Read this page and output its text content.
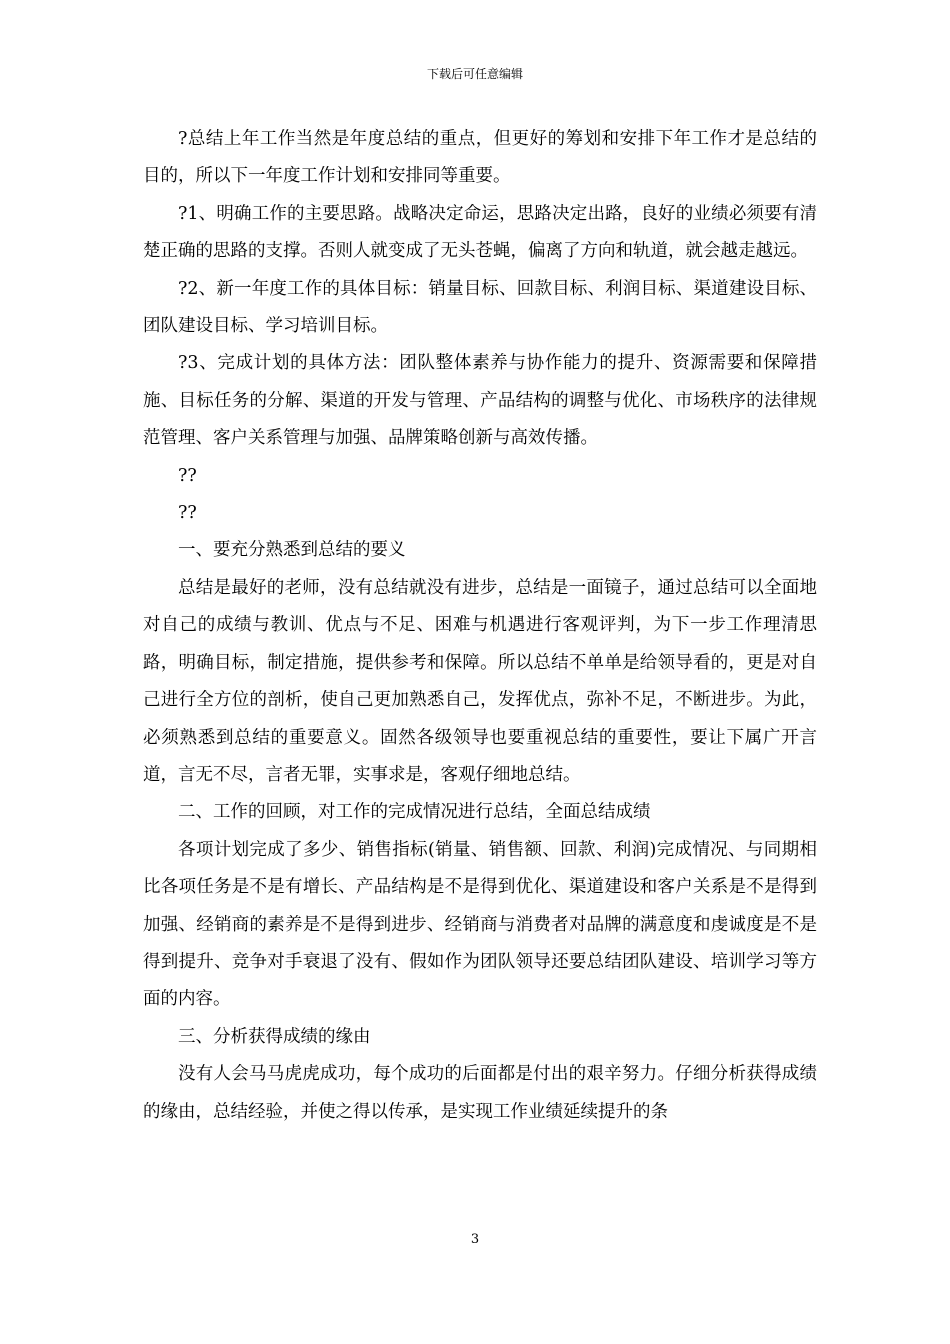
下载后可任意编辑

?总结上年工作当然是年度总结的重点，但更好的筹划和安排下年工作才是总结的目的，所以下一年度工作计划和安排同等重要。

?1、明确工作的主要思路。战略决定命运，思路决定出路，良好的业绩必须要有清楚正确的思路的支撑。否则人就变成了无头苍蝇，偏离了方向和轨道，就会越走越远。

?2、新一年度工作的具体目标：销量目标、回款目标、利润目标、渠道建设目标、团队建设目标、学习培训目标。

?3、完成计划的具体方法：团队整体素养与协作能力的提升、资源需要和保障措施、目标任务的分解、渠道的开发与管理、产品结构的调整与优化、市场秩序的法律规范管理、客户关系管理与加强、品牌策略创新与高效传播。

??

??

一、要充分熟悉到总结的要义

总结是最好的老师，没有总结就没有进步，总结是一面镜子，通过总结可以全面地对自己的成绩与教训、优点与不足、困难与机遇进行客观评判，为下一步工作理清思路，明确目标，制定措施，提供参考和保障。所以总结不单单是给领导看的，更是对自己进行全方位的剖析，使自己更加熟悉自己，发挥优点，弥补不足，不断进步。为此，必须熟悉到总结的重要意义。固然各级领导也要重视总结的重要性，要让下属广开言道，言无不尽，言者无罪，实事求是，客观仔细地总结。

二、工作的回顾，对工作的完成情况进行总结，全面总结成绩

各项计划完成了多少、销售指标(销量、销售额、回款、利润)完成情况、与同期相比各项任务是不是有增长、产品结构是不是得到优化、渠道建设和客户关系是不是得到加强、经销商的素养是不是得到进步、经销商与消费者对品牌的满意度和虔诚度是不是得到提升、竞争对手衰退了没有、假如作为团队领导还要总结团队建设、培训学习等方面的内容。

三、分析获得成绩的缘由

没有人会马马虎虎成功，每个成功的后面都是付出的艰辛努力。仔细分析获得成绩的缘由，总结经验，并使之得以传承，是实现工作业绩延续提升的条

3
